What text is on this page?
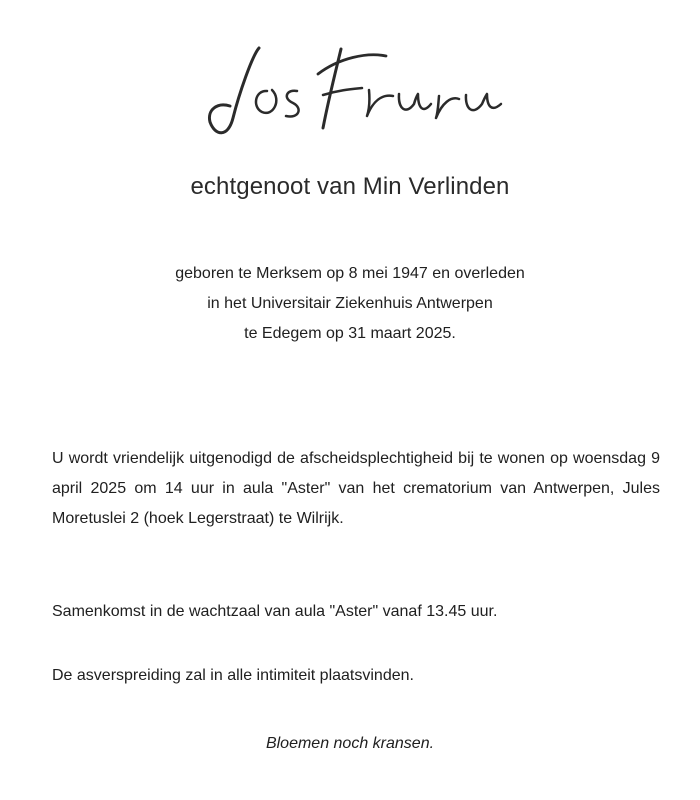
echtgenoot van Min Verlinden
geboren te Merksem op 8 mei 1947 en overleden
in het Universitair Ziekenhuis Antwerpen
te Edegem op 31 maart 2025.
U wordt vriendelijk uitgenodigd de afscheidsplechtigheid bij te wonen op woensdag 9 april 2025 om 14 uur in aula "Aster" van het crematorium van Antwerpen, Jules Moretuslei 2 (hoek Legerstraat) te Wilrijk.
Samenkomst in de wachtzaal van aula "Aster" vanaf 13.45 uur.
De asverspreiding zal in alle intimiteit plaatsvinden.
Bloemen noch kransen.
